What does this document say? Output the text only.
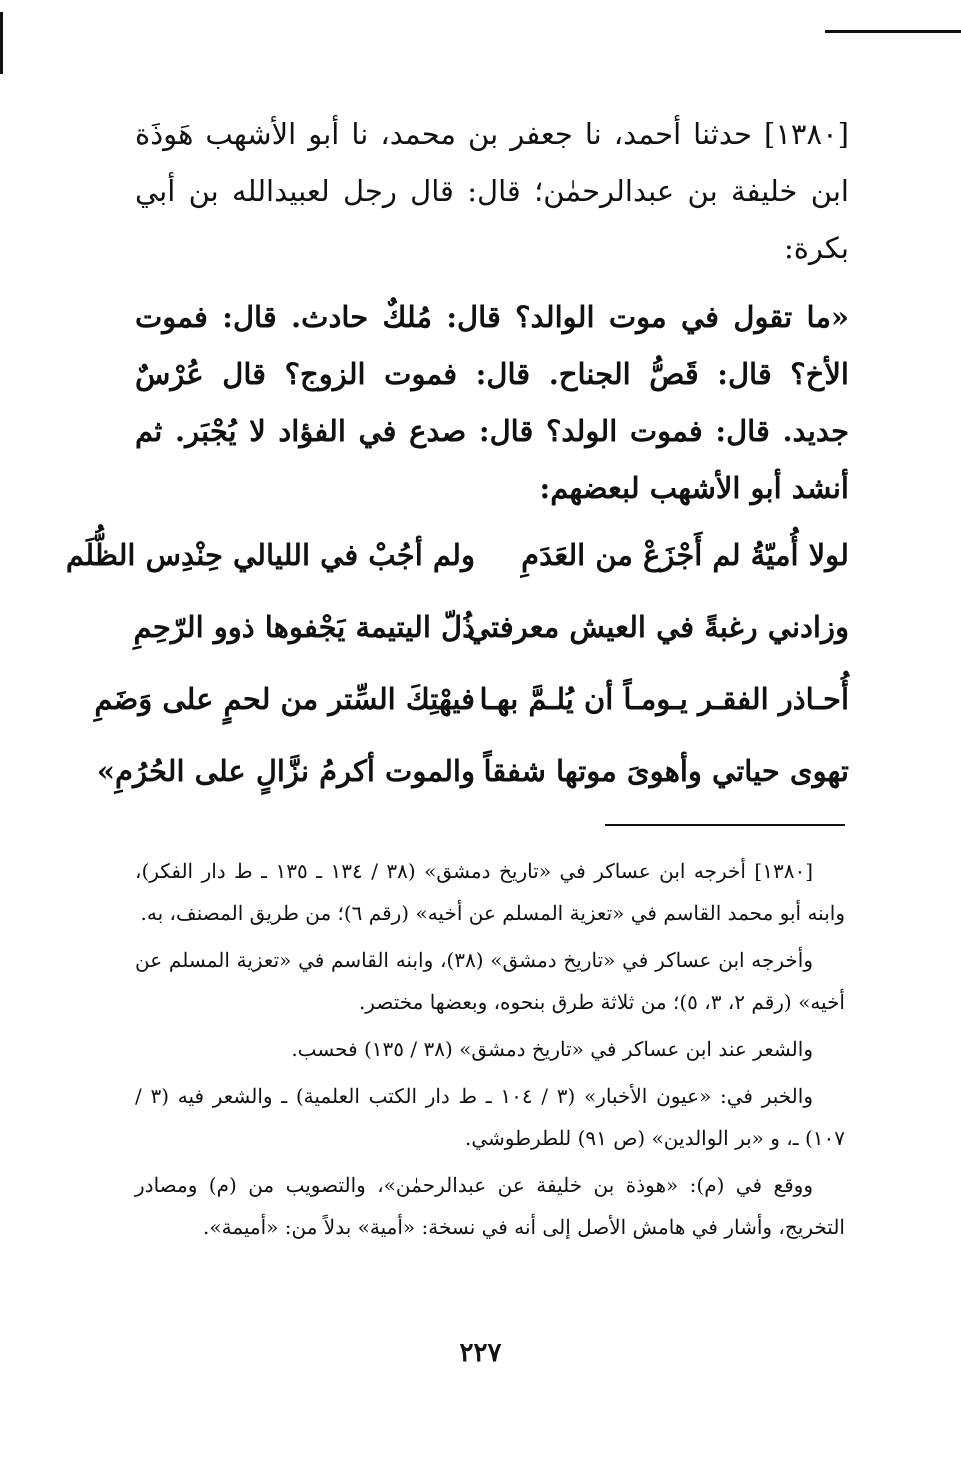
[١٣٨٠] حدثنا أحمد، نا جعفر بن محمد، نا أبو الأشهب هَوذَة ابن خليفة بن عبدالرحمٰن؛ قال: قال رجل لعبيدالله بن أبي بكرة:

«ما تقول في موت الوالد؟ قال: مُلكٌ حادث. قال: فموت الأخ؟ قال: قَصُّ الجناح. قال: فموت الزوج؟ قال عُرْسٌ جديد. قال: فموت الولد؟ قال: صدع في الفؤاد لا يُجْبَر. ثم أنشد أبو الأشهب لبعضهم:

لولا أُميّةُ لم أَجْزَعْ من العَدَمِ
ولم أجُبْ في الليالي حِنْدِس الظُّلَم
وزادني رغبةً في العيش معرفتي
ذُلّ اليتيمة يَجْفوها ذوو الرّحِمِ
أُحـاذر الفقـر يـومـاً أن يُلـمَّ بهـا
فيهْتِكَ السِّتر من لحمٍ على وَضَمِ
تهوى حياتي وأهوىَ موتها شفقاً
والموت أكرمُ نزَّالٍ على الحُرُمِ»

[١٣٨٠] أخرجه ابن عساكر في «تاريخ دمشق» (٣٨ / ١٣٤ ـ ١٣٥ ـ ط دار الفكر)، وابنه أبو محمد القاسم في «تعزية المسلم عن أخيه» (رقم ٦)؛ من طريق المصنف، به.

وأخرجه ابن عساكر في «تاريخ دمشق» (٣٨)، وابنه القاسم في «تعزية المسلم عن أخيه» (رقم ٢، ٣، ٥)؛ من ثلاثة طرق بنحوه، وبعضها مختصر.

والشعر عند ابن عساكر في «تاريخ دمشق» (٣٨ / ١٣٥) فحسب.

والخبر في: «عيون الأخبار» (٣ / ١٠٤ ـ ط دار الكتب العلمية) ـ والشعر فيه (٣ / ١٠٧) ـ، و «بر الوالدين» (ص ٩١) للطرطوشي.

ووقع في (م): «هوذة بن خليفة عن عبدالرحمٰن»، والتصويب من (م) ومصادر التخريج، وأشار في هامش الأصل إلى أنه في نسخة: «أمية» بدلاً من: «أميمة».

٢٢٧
